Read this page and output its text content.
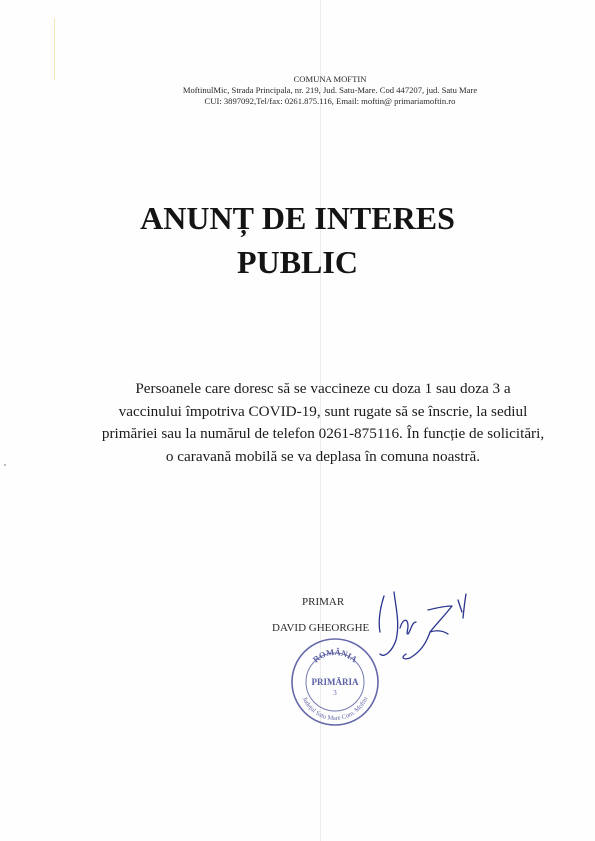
COMUNA MOFTIN
MoftinulMic, Strada Principala, nr. 219, Jud. Satu-Mare. Cod 447207, jud. Satu Mare
CUI: 3897092,Tel/fax: 0261.875.116, Email: moftin@ primariamoftin.ro
ANUNȚ DE INTERES
PUBLIC
Persoanele care doresc să se vaccineze cu doza 1 sau doza 3 a
vaccinului împotriva COVID-19, sunt rugate să se înscrie, la sediul
primăriei sau la numărul de telefon 0261-875116. În funcție de solicitări,
o caravană mobilă se va deplasa în comuna noastră.
PRIMAR
DAVID GHEORGHE
ROMÂNIA
PRIMĂRIA
3
Județul Satu Mare Com. Moftin
